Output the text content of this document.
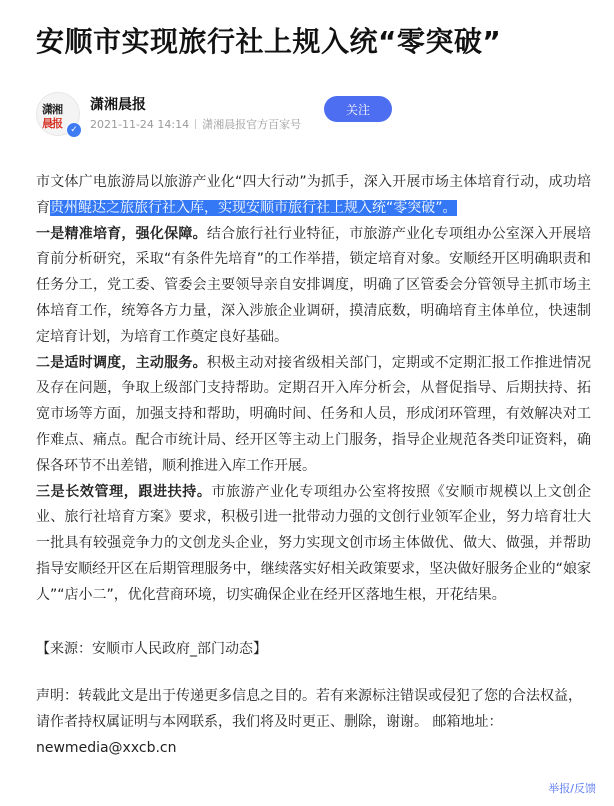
安顺市实现旅行社上规入统“零突破”
潇湘
晨报 ✓
潇湘晨报
2021-11-24 14:14 潇湘晨报官方百家号
关注

市文体广电旅游局以旅游产业化“四大行动”为抓手，深入开展市场主体培育行动，成功培育贵州鲲达之旅旅行社入库，实现安顺市旅行社上规入统“零突破”。

一是精准培育，强化保障。结合旅行社行业特征，市旅游产业化专项组办公室深入开展培育前分析研究，采取“有条件先培育”的工作举措，锁定培育对象。安顺经开区明确职责和任务分工，党工委、管委会主要领导亲自安排调度，明确了区管委会分管领导主抓市场主体培育工作，统筹各方力量，深入涉旅企业调研，摸清底数，明确培育主体单位，快速制定培育计划，为培育工作奠定良好基础。

二是适时调度，主动服务。积极主动对接省级相关部门，定期或不定期汇报工作推进情况及存在问题，争取上级部门支持帮助。定期召开入库分析会，从督促指导、后期扶持、拓宽市场等方面，加强支持和帮助，明确时间、任务和人员，形成闭环管理，有效解决对工作难点、痛点。配合市统计局、经开区等主动上门服务，指导企业规范各类印证资料，确保各环节不出差错，顺利推进入库工作开展。

三是长效管理，跟进扶持。市旅游产业化专项组办公室将按照《安顺市规模以上文创企业、旅行社培育方案》要求，积极引进一批带动力强的文创行业领军企业，努力培育壮大一批具有较强竞争力的文创龙头企业，努力实现文创市场主体做优、做大、做强，并帮助指导安顺经开区在后期管理服务中，继续落实好相关政策要求，坚决做好服务企业的“娘家人”“店小二”，优化营商环境，切实确保企业在经开区落地生根，开花结果。

【来源：安顺市人民政府_部门动态】
声明：转载此文是出于传递更多信息之目的。若有来源标注错误或侵犯了您的合法权益，请作者持权属证明与本网联系，我们将及时更正、删除，谢谢。 邮箱地址：newmedia@xxcb.cn
举报/反馈
